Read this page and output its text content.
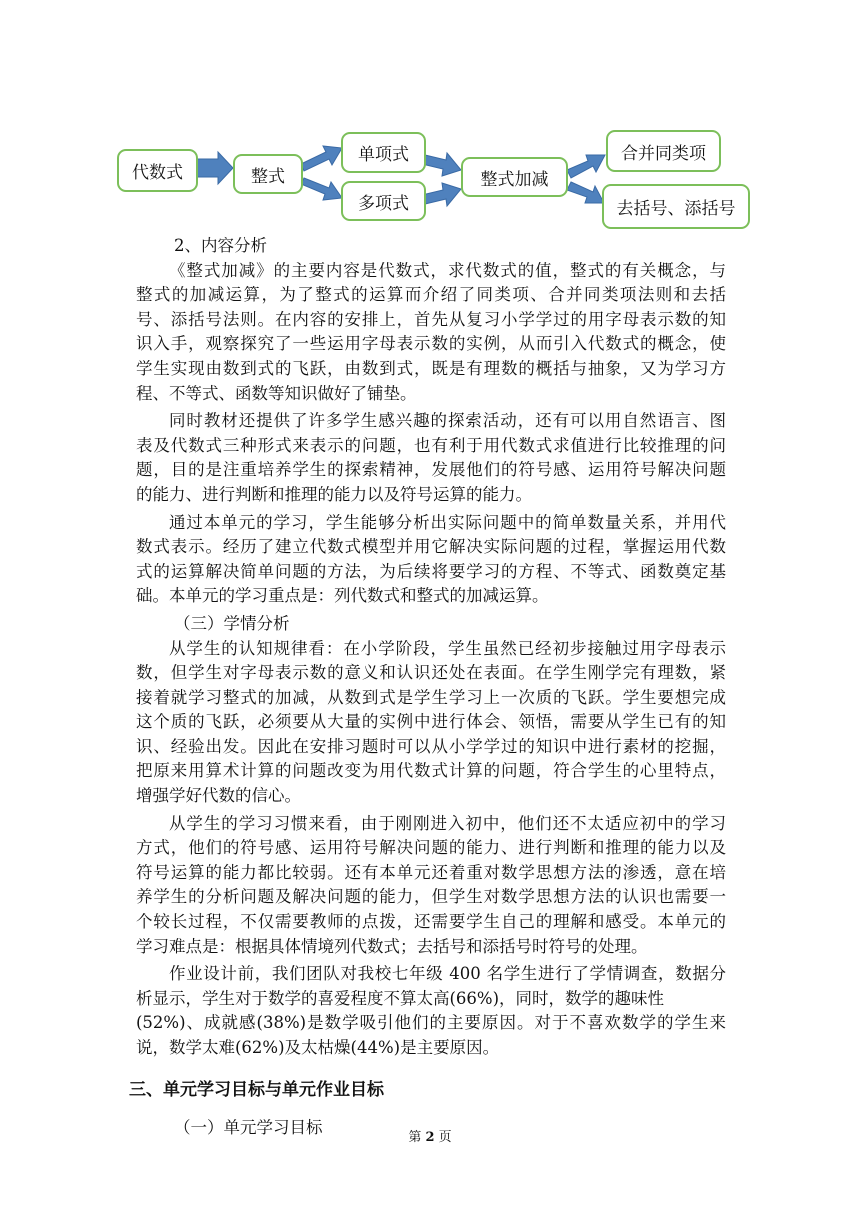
代数式	整式
单项式
多项式
整式加减
合并同类项
去括号、添括号
2、内容分析
《整式加减》的主要内容是代数式，求代数式的值，整式的有关概念，与
整式的加减运算，为了整式的运算而介绍了同类项、合并同类项法则和去括
号、添括号法则。在内容的安排上，首先从复习小学学过的用字母表示数的知
识入手，观察探究了一些运用字母表示数的实例，从而引入代数式的概念，使
学生实现由数到式的飞跃，由数到式，既是有理数的概括与抽象，又为学习方
程、不等式、函数等知识做好了铺垫。
同时教材还提供了许多学生感兴趣的探索活动，还有可以用自然语言、图
表及代数式三种形式来表示的问题，也有利于用代数式求值进行比较推理的问
题，目的是注重培养学生的探索精神，发展他们的符号感、运用符号解决问题
的能力、进行判断和推理的能力以及符号运算的能力。
通过本单元的学习，学生能够分析出实际问题中的简单数量关系，并用代
数式表示。经历了建立代数式模型并用它解决实际问题的过程，掌握运用代数
式的运算解决简单问题的方法，为后续将要学习的方程、不等式、函数奠定基
础。本单元的学习重点是：列代数式和整式的加减运算。
（三）学情分析
从学生的认知规律看：在小学阶段，学生虽然已经初步接触过用字母表示
数，但学生对字母表示数的意义和认识还处在表面。在学生刚学完有理数，紧
接着就学习整式的加减，从数到式是学生学习上一次质的飞跃。学生要想完成
这个质的飞跃，必须要从大量的实例中进行体会、领悟，需要从学生已有的知
识、经验出发。因此在安排习题时可以从小学学过的知识中进行素材的挖掘，
把原来用算术计算的问题改变为用代数式计算的问题，符合学生的心里特点，
增强学好代数的信心。
从学生的学习习惯来看，由于刚刚进入初中，他们还不太适应初中的学习
方式，他们的符号感、运用符号解决问题的能力、进行判断和推理的能力以及
符号运算的能力都比较弱。还有本单元还着重对数学思想方法的渗透，意在培
养学生的分析问题及解决问题的能力，但学生对数学思想方法的认识也需要一
个较长过程，不仅需要教师的点拨，还需要学生自己的理解和感受。本单元的
学习难点是：根据具体情境列代数式；去括号和添括号时符号的处理。
作业设计前，我们团队对我校七年级 400 名学生进行了学情调查，数据分
析显示，学生对于数学的喜爱程度不算太高(66%)，同时，数学的趣味性
(52%)、成就感(38%)是数学吸引他们的主要原因。对于不喜欢数学的学生来
说，数学太难(62%)及太枯燥(44%)是主要原因。
三、单元学习目标与单元作业目标
（一）单元学习目标
第 2 页
